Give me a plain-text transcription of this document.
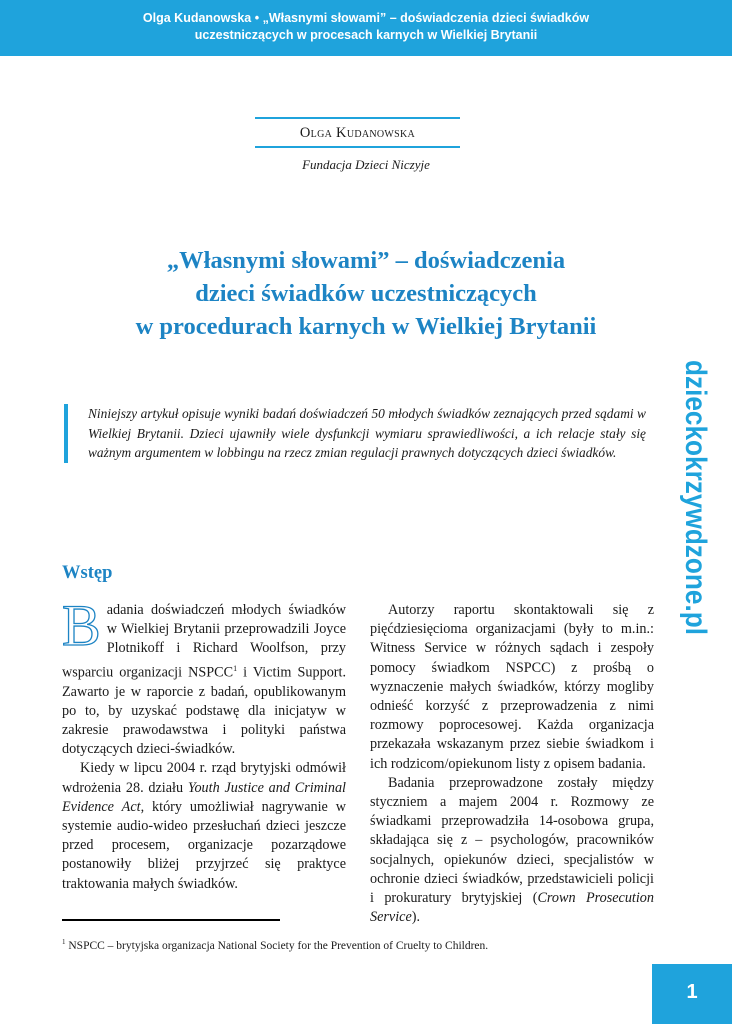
Olga Kudanowska • „Własnymi słowami” – doświadczenia dzieci świadków
uczestniczących w procesach karnych w Wielkiej Brytanii
Olga Kudanowska
Fundacja Dzieci Niczyje
„Własnymi słowami” – doświadczenia
dzieci świadków uczestniczących
w procedurach karnych w Wielkiej Brytanii
Niniejszy artykuł opisuje wyniki badań doświadczeń 50 młodych świadków zeznających przed sądami w Wielkiej Brytanii. Dzieci ujawniły wiele dysfunkcji wymiaru sprawiedliwości, a ich relacje stały się ważnym argumentem w lobbingu na rzecz zmian regulacji prawnych dotyczących dzieci świadków.
Wstęp

Badania doświadczeń młodych świadków w Wielkiej Brytanii przeprowadzili Joyce Plotnikoff i Richard Woolfson, przy wsparciu organizacji NSPCC$^1$ i Victim Support. Zawarto je w raporcie z badań, opublikowanym po to, by uzyskać podstawę dla inicjatyw w zakresie prawodawstwa i polityki państwa dotyczących dzieci-świadków.

Kiedy w lipcu 2004 r. rząd brytyjski odmówił wdrożenia 28. działu Youth Justice and Criminal Evidence Act, który umożliwiał nagrywanie w systemie audio-wideo przesłuchań dzieci jeszcze przed procesem, organizacje pozarządowe postanowiły bliżej przyjrzeć się praktyce traktowania małych świadków.

Autorzy raportu skontaktowali się z pięćdziesięcioma organizacjami (były to m.in.: Witness Service w różnych sądach i zespoły pomocy świadkom NSPCC) z prośbą o wyznaczenie małych świadków, którzy mogliby odnieść korzyść z przeprowadzenia z nimi rozmowy poprocesowej. Każda organizacja przekazała wskazanym przez siebie świadkom i ich rodzicom/opiekunom listy z opisem badania.

Badania przeprowadzone zostały między styczniem a majem 2004 r. Rozmowy ze świadkami przeprowadziła 14-osobowa grupa, składająca się z – psychologów, pracowników socjalnych, opiekunów dzieci, specjalistów w ochronie dzieci świadków, przedstawicieli policji i prokuratury brytyjskiej (Crown Prosecution Service).

$^1$ NSPCC – brytyjska organizacja National Society for the Prevention of Cruelty to Children.
dzieckokrzywdzone.pl
1
